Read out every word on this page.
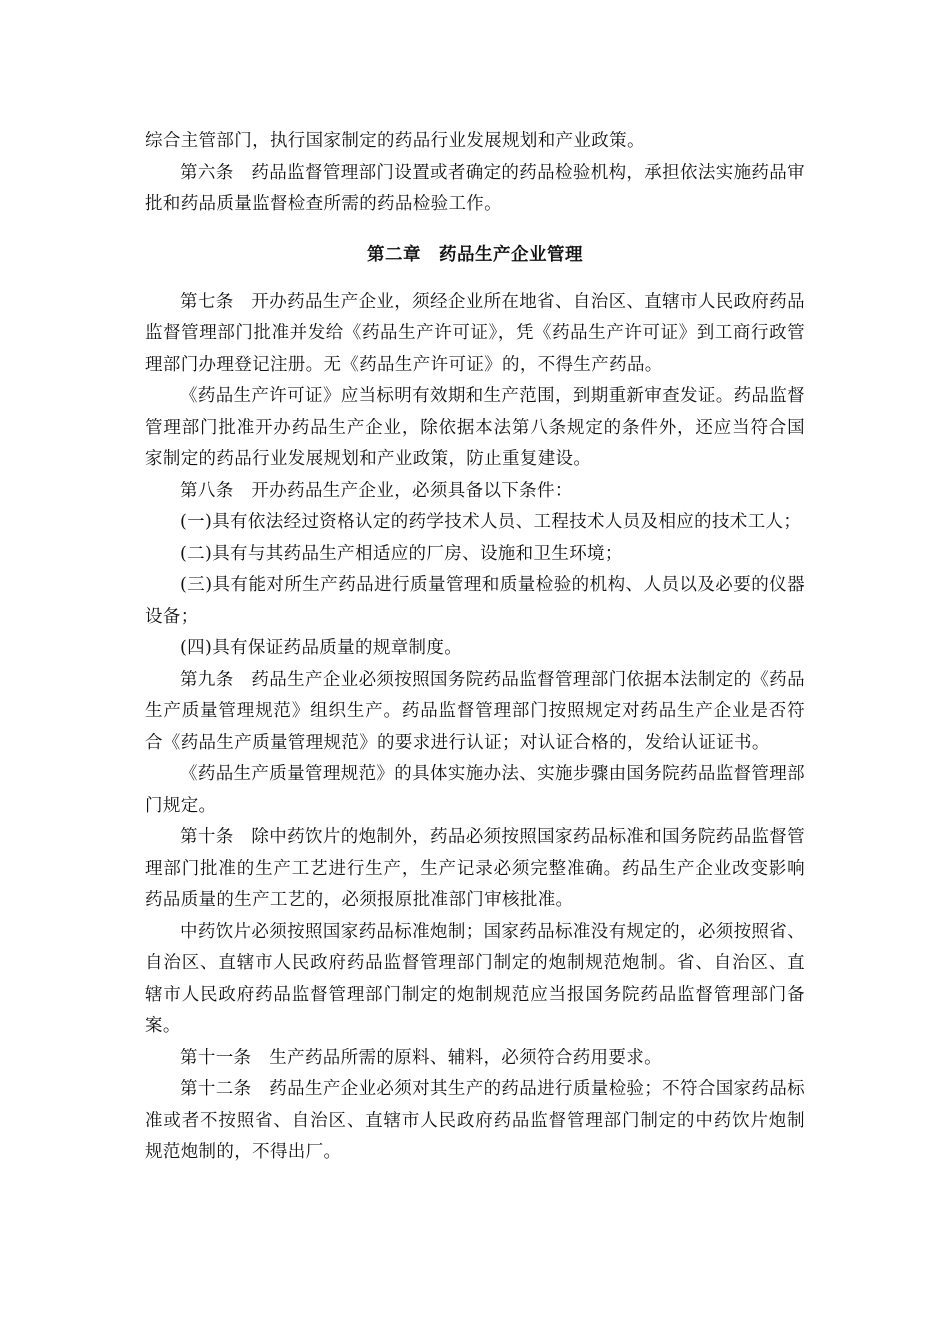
综合主管部门，执行国家制定的药品行业发展规划和产业政策。

第六条　药品监督管理部门设置或者确定的药品检验机构，承担依法实施药品审批和药品质量监督检查所需的药品检验工作。

第二章　药品生产企业管理

第七条　开办药品生产企业，须经企业所在地省、自治区、直辖市人民政府药品监督管理部门批准并发给《药品生产许可证》，凭《药品生产许可证》到工商行政管理部门办理登记注册。无《药品生产许可证》的，不得生产药品。

《药品生产许可证》应当标明有效期和生产范围，到期重新审查发证。药品监督管理部门批准开办药品生产企业，除依据本法第八条规定的条件外，还应当符合国家制定的药品行业发展规划和产业政策，防止重复建设。

第八条　开办药品生产企业，必须具备以下条件：

(一)具有依法经过资格认定的药学技术人员、工程技术人员及相应的技术工人；

(二)具有与其药品生产相适应的厂房、设施和卫生环境；

(三)具有能对所生产药品进行质量管理和质量检验的机构、人员以及必要的仪器设备；

(四)具有保证药品质量的规章制度。

第九条　药品生产企业必须按照国务院药品监督管理部门依据本法制定的《药品生产质量管理规范》组织生产。药品监督管理部门按照规定对药品生产企业是否符合《药品生产质量管理规范》的要求进行认证；对认证合格的，发给认证证书。

《药品生产质量管理规范》的具体实施办法、实施步骤由国务院药品监督管理部门规定。

第十条　除中药饮片的炮制外，药品必须按照国家药品标准和国务院药品监督管理部门批准的生产工艺进行生产，生产记录必须完整准确。药品生产企业改变影响药品质量的生产工艺的，必须报原批准部门审核批准。

中药饮片必须按照国家药品标准炮制；国家药品标准没有规定的，必须按照省、自治区、直辖市人民政府药品监督管理部门制定的炮制规范炮制。省、自治区、直辖市人民政府药品监督管理部门制定的炮制规范应当报国务院药品监督管理部门备案。

第十一条　生产药品所需的原料、辅料，必须符合药用要求。

第十二条　药品生产企业必须对其生产的药品进行质量检验；不符合国家药品标准或者不按照省、自治区、直辖市人民政府药品监督管理部门制定的中药饮片炮制规范炮制的，不得出厂。
